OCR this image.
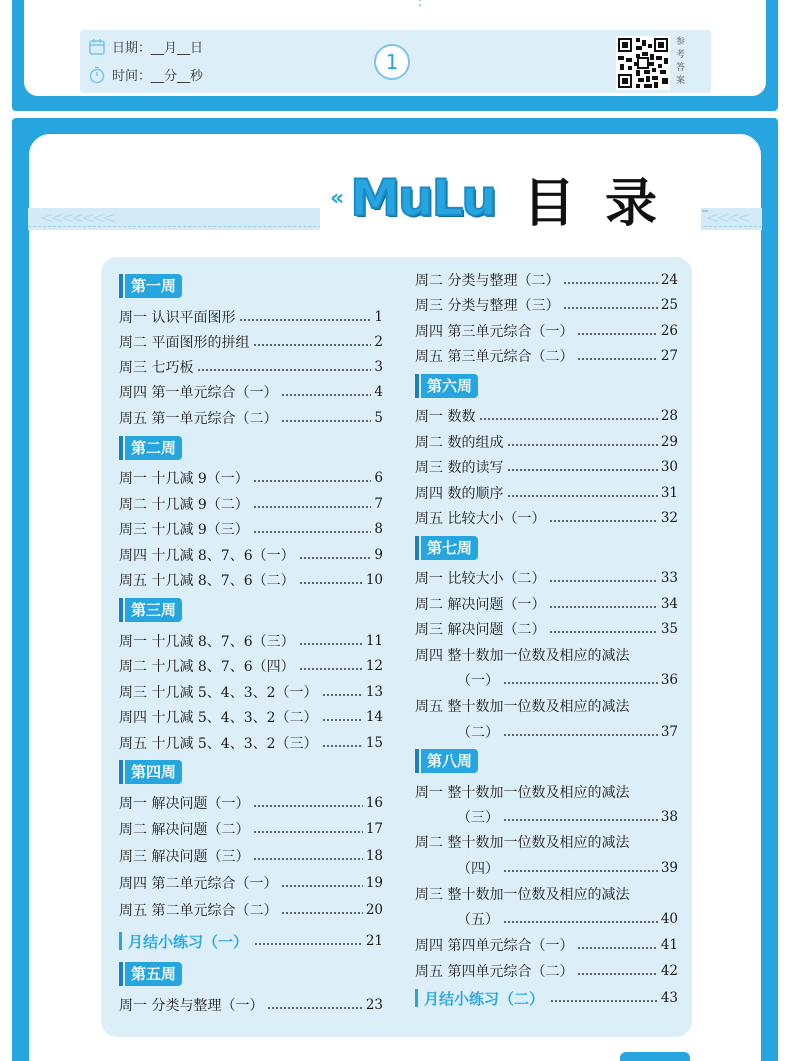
日期：__月__日
时间：__分__秒
1
参考答案
<<<<<<<	<<<<
« MuLu 目录
第一周
周一 认识平面图形	1
周二 平面图形的拼组	2
周三 七巧板	3
周四 第一单元综合（一）	4
周五 第一单元综合（二）	5
第二周
周一 十几减 9（一）	6
周二 十几减 9（二）	7
周三 十几减 9（三）	8
周四 十几减 8、7、6（一）	9
周五 十几减 8、7、6（二）	10
第三周
周一 十几减 8、7、6（三）	11
周二 十几减 8、7、6（四）	12
周三 十几减 5、4、3、2（一）	13
周四 十几减 5、4、3、2（二）	14
周五 十几减 5、4、3、2（三）	15
第四周
周一 解决问题（一）	16
周二 解决问题（二）	17
周三 解决问题（三）	18
周四 第二单元综合（一）	19
周五 第二单元综合（二）	20
月结小练习（一）	21
第五周
周一 分类与整理（一）	23
周二 分类与整理（二）	24
周三 分类与整理（三）	25
周四 第三单元综合（一）	26
周五 第三单元综合（二）	27
第六周
周一 数数	28
周二 数的组成	29
周三 数的读写	30
周四 数的顺序	31
周五 比较大小（一）	32
第七周
周一 比较大小（二）	33
周二 解决问题（一）	34
周三 解决问题（二）	35
周四 整十数加一位数及相应的减法
（一）	36
周五 整十数加一位数及相应的减法
（二）	37
第八周
周一 整十数加一位数及相应的减法
（三）	38
周二 整十数加一位数及相应的减法
（四）	39
周三 整十数加一位数及相应的减法
（五）	40
周四 第四单元综合（一）	41
周五 第四单元综合（二）	42
月结小练习（二）	43
